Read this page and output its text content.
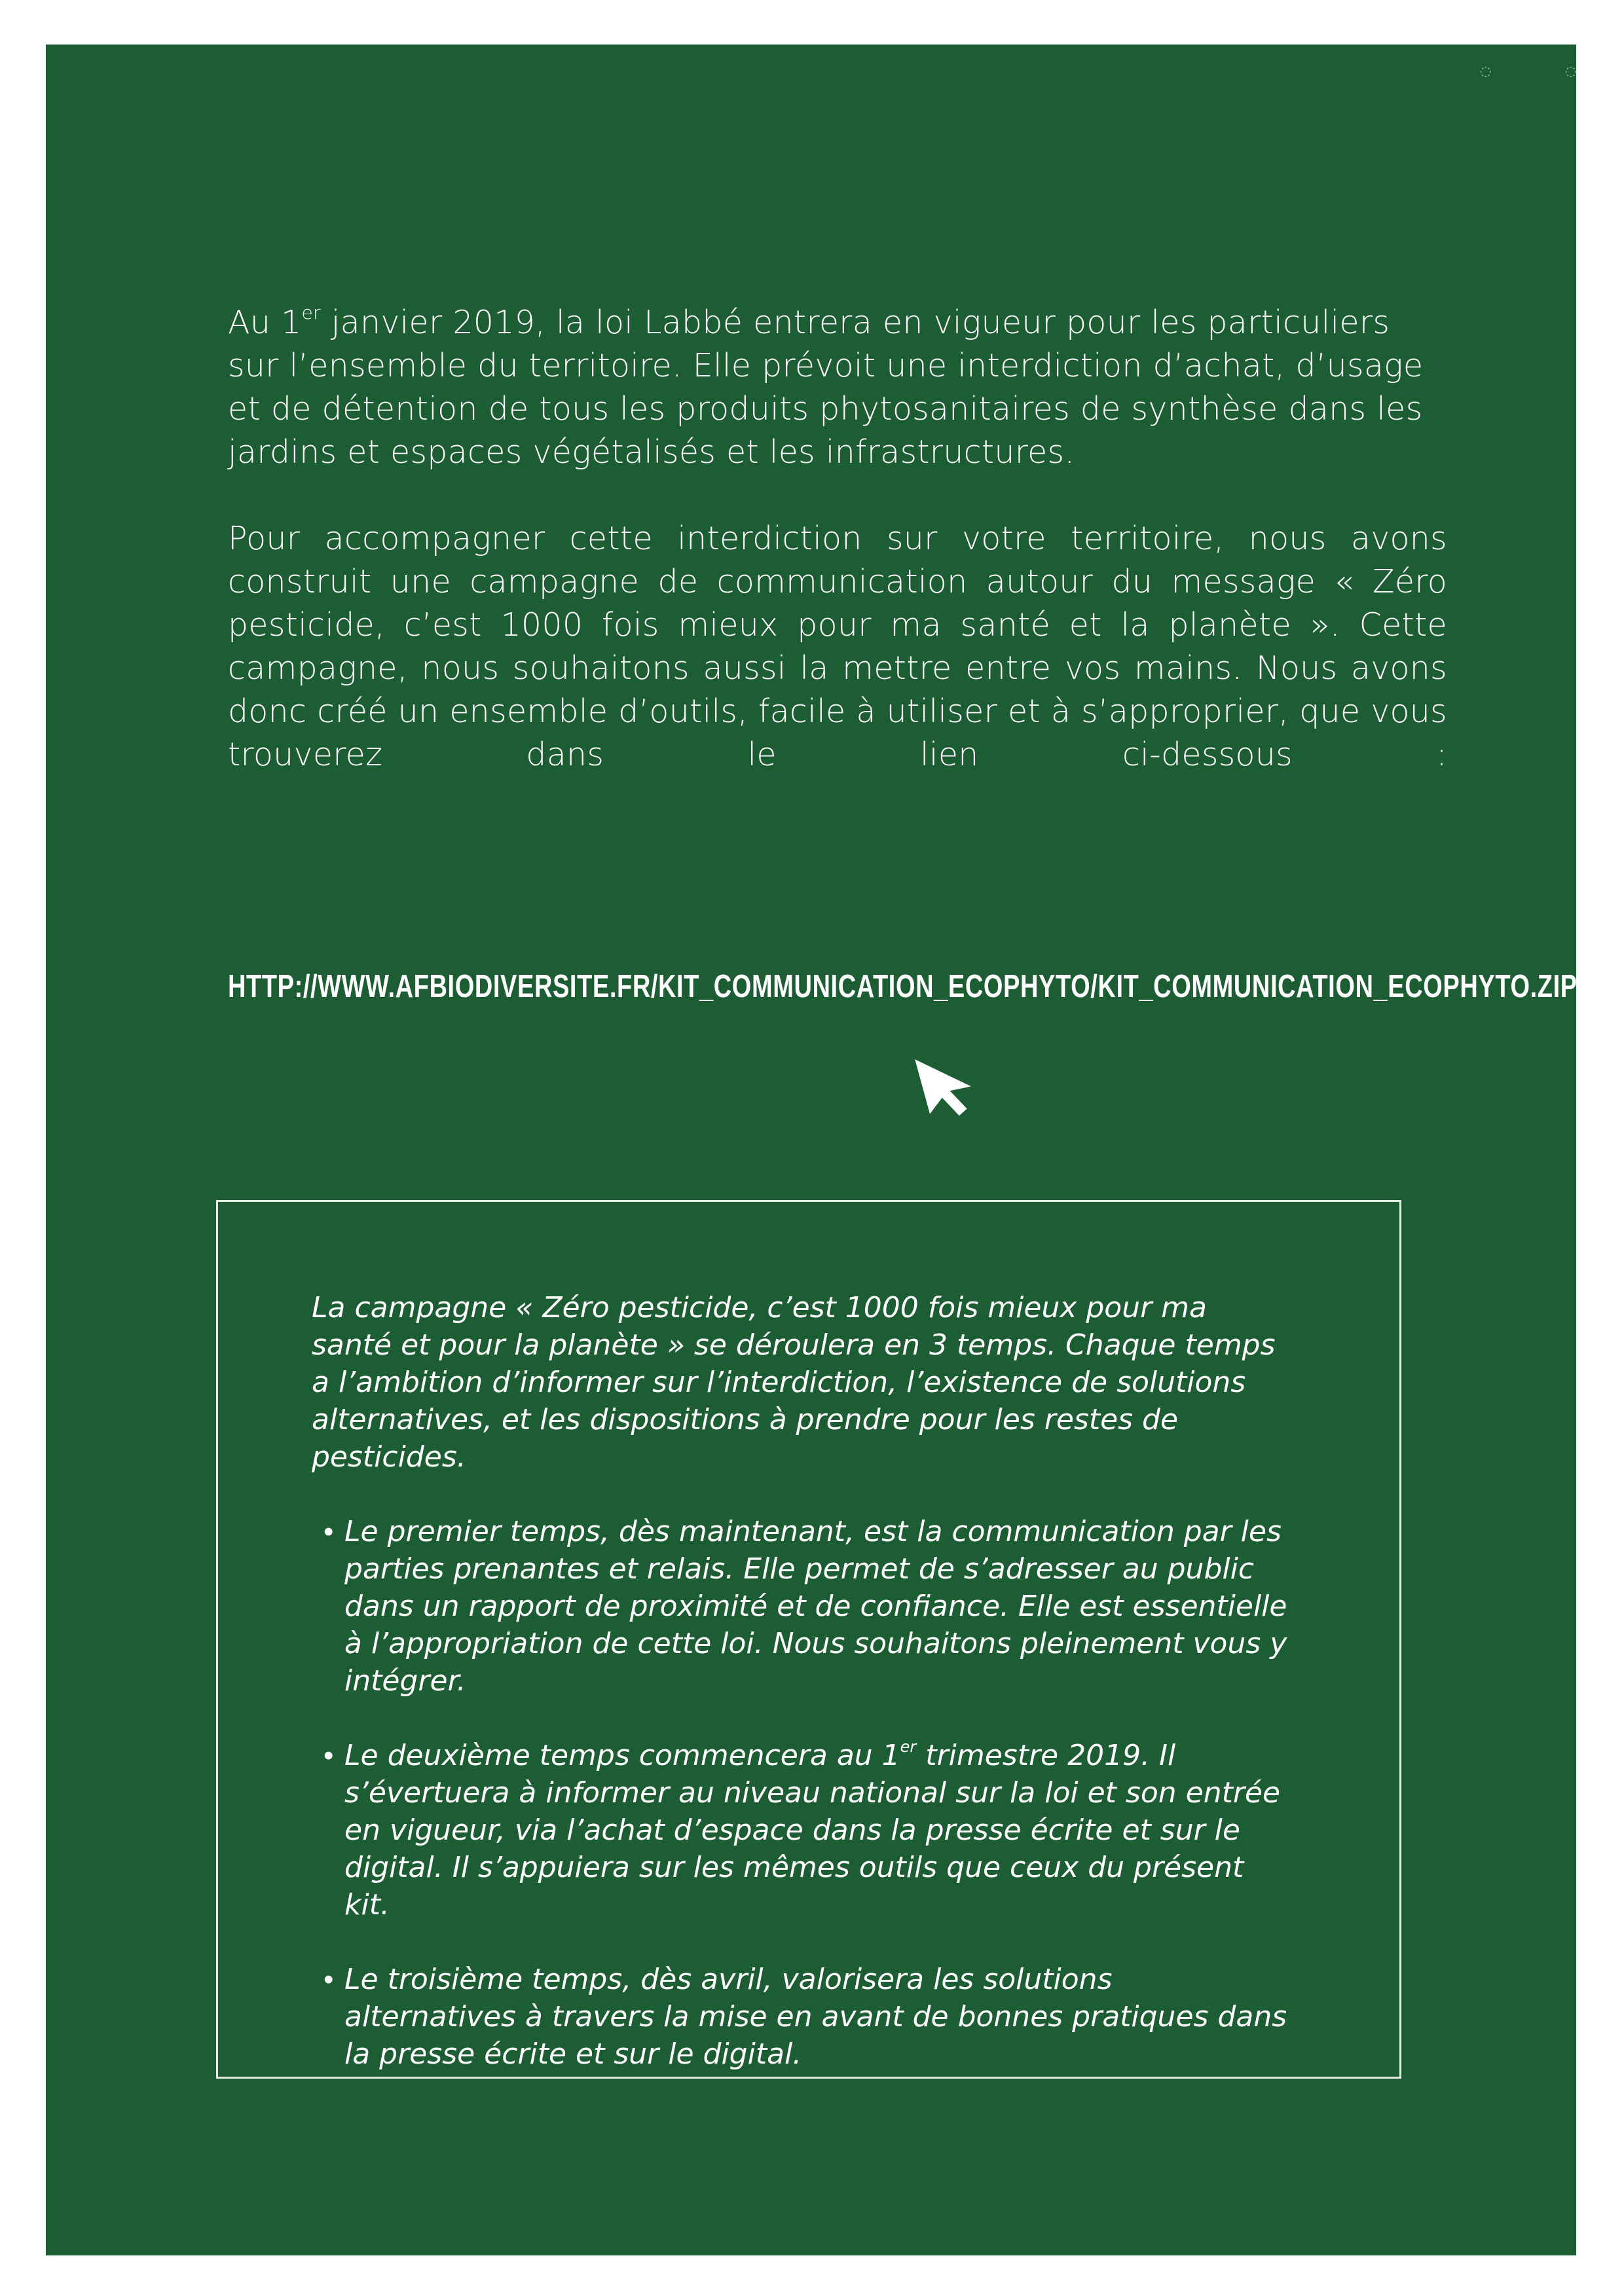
◌	◌

Au 1er janvier 2019, la loi Labbé entrera en vigueur pour les particuliers sur l’ensemble du territoire. Elle prévoit une interdiction d’achat, d’usage et de détention de tous les produits phytosanitaires de synthèse dans les jardins et espaces végétalisés et les infrastructures.

Pour accompagner cette interdiction sur votre territoire, nous avons construit une campagne de communication autour du message « Zéro pesticide, c’est 1000 fois mieux pour ma santé et la planète ». Cette campagne, nous souhaitons aussi la mettre entre vos mains. Nous avons donc créé un ensemble d’outils, facile à utiliser et à s’approprier, que vous trouverez dans le lien ci-dessous :

HTTP://WWW.AFBIODIVERSITE.FR/KIT_COMMUNICATION_ECOPHYTO/KIT_COMMUNICATION_ECOPHYTO.ZIP

La campagne « Zéro pesticide, c’est 1000 fois mieux pour ma santé et pour la planète » se déroulera en 3 temps. Chaque temps a l’ambition d’informer sur l’interdiction, l’existence de solutions alternatives, et les dispositions à prendre pour les restes de pesticides.

• Le premier temps, dès maintenant, est la communication par les parties prenantes et relais. Elle permet de s’adresser au public dans un rapport de proximité et de confiance. Elle est essentielle à l’appropriation de cette loi. Nous souhaitons pleinement vous y intégrer.
• Le deuxième temps commencera au 1er trimestre 2019. Il s’évertuera à informer au niveau national sur la loi et son entrée en vigueur, via l’achat d’espace dans la presse écrite et sur le digital. Il s’appuiera sur les mêmes outils que ceux du présent kit.
• Le troisième temps, dès avril, valorisera les solutions alternatives à travers la mise en avant de bonnes pratiques dans la presse écrite et sur le digital.
